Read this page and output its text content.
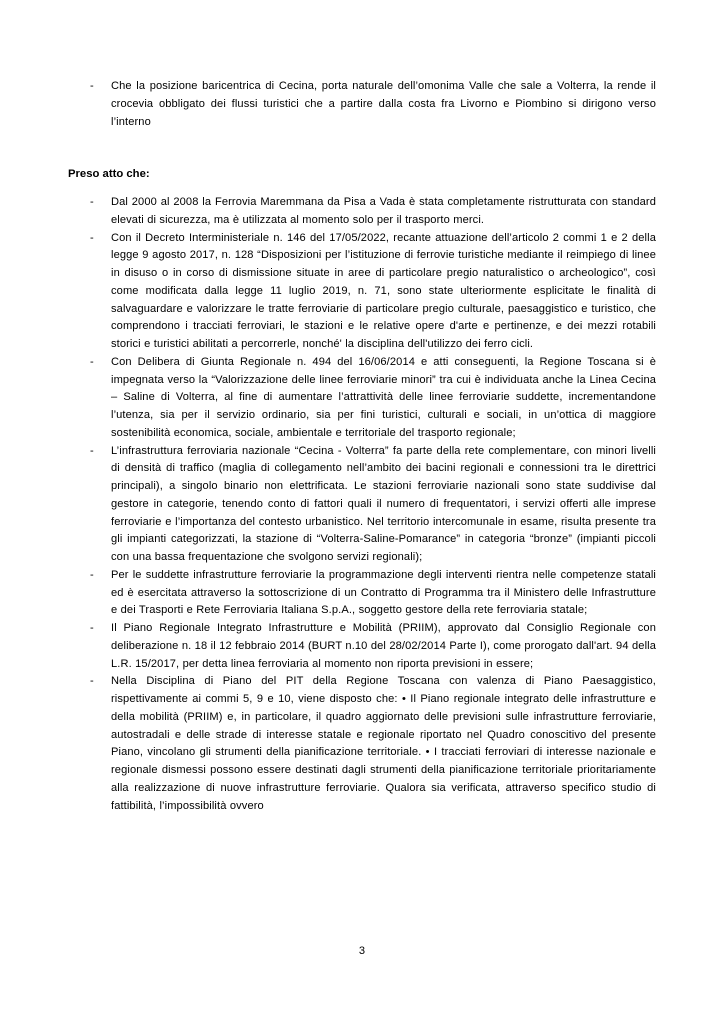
- Che la posizione baricentrica di Cecina, porta naturale dell’omonima Valle che sale a Volterra, la rende il crocevia obbligato dei flussi turistici che a partire dalla costa fra Livorno e Piombino si dirigono verso l’interno

Preso atto che:

- Dal 2000 al 2008 la Ferrovia Maremmana da Pisa a Vada è stata completamente ristrutturata con standard elevati di sicurezza, ma è utilizzata al momento solo per il trasporto merci.
- Con il Decreto Interministeriale n. 146 del 17/05/2022, recante attuazione dell’articolo 2 commi 1 e 2 della legge 9 agosto 2017, n. 128 “Disposizioni per l’istituzione di ferrovie turistiche mediante il reimpiego di linee in disuso o in corso di dismissione situate in aree di particolare pregio naturalistico o archeologico”, così come modificata dalla legge 11 luglio 2019, n. 71, sono state ulteriormente esplicitate le finalità di salvaguardare e valorizzare le tratte ferroviarie di particolare pregio culturale, paesaggistico e turistico, che comprendono i tracciati ferroviari, le stazioni e le relative opere d'arte e pertinenze, e dei mezzi rotabili storici e turistici abilitati a percorrerle, nonché' la disciplina dell'utilizzo dei ferro cicli.
- Con Delibera di Giunta Regionale n. 494 del 16/06/2014 e atti conseguenti, la Regione Toscana si è impegnata verso la “Valorizzazione delle linee ferroviarie minori” tra cui è individuata anche la Linea Cecina – Saline di Volterra, al fine di aumentare l’attrattività delle linee ferroviarie suddette, incrementandone l’utenza, sia per il servizio ordinario, sia per fini turistici, culturali e sociali, in un’ottica di maggiore sostenibilità economica, sociale, ambientale e territoriale del trasporto regionale;
- L’infrastruttura ferroviaria nazionale “Cecina - Volterra” fa parte della rete complementare, con minori livelli di densità di traffico (maglia di collegamento nell’ambito dei bacini regionali e connessioni tra le direttrici principali), a singolo binario non elettrificata. Le stazioni ferroviarie nazionali sono state suddivise dal gestore in categorie, tenendo conto di fattori quali il numero di frequentatori, i servizi offerti alle imprese ferroviarie e l’importanza del contesto urbanistico. Nel territorio intercomunale in esame, risulta presente tra gli impianti categorizzati, la stazione di “Volterra-Saline-Pomarance” in categoria “bronze” (impianti piccoli con una bassa frequentazione che svolgono servizi regionali);
- Per le suddette infrastrutture ferroviarie la programmazione degli interventi rientra nelle competenze statali ed è esercitata attraverso la sottoscrizione di un Contratto di Programma tra il Ministero delle Infrastrutture e dei Trasporti e Rete Ferroviaria Italiana S.p.A., soggetto gestore della rete ferroviaria statale;
- Il Piano Regionale Integrato Infrastrutture e Mobilità (PRIIM), approvato dal Consiglio Regionale con deliberazione n. 18 il 12 febbraio 2014 (BURT n.10 del 28/02/2014 Parte I), come prorogato dall'art. 94 della L.R. 15/2017, per detta linea ferroviaria al momento non riporta previsioni in essere;
- Nella Disciplina di Piano del PIT della Regione Toscana con valenza di Piano Paesaggistico, rispettivamente ai commi 5, 9 e 10, viene disposto che: • Il Piano regionale integrato delle infrastrutture e della mobilità (PRIIM) e, in particolare, il quadro aggiornato delle previsioni sulle infrastrutture ferroviarie, autostradali e delle strade di interesse statale e regionale riportato nel Quadro conoscitivo del presente Piano, vincolano gli strumenti della pianificazione territoriale. • I tracciati ferroviari di interesse nazionale e regionale dismessi possono essere destinati dagli strumenti della pianificazione territoriale prioritariamente alla realizzazione di nuove infrastrutture ferroviarie. Qualora sia verificata, attraverso specifico studio di fattibilità, l’impossibilità ovvero
3
